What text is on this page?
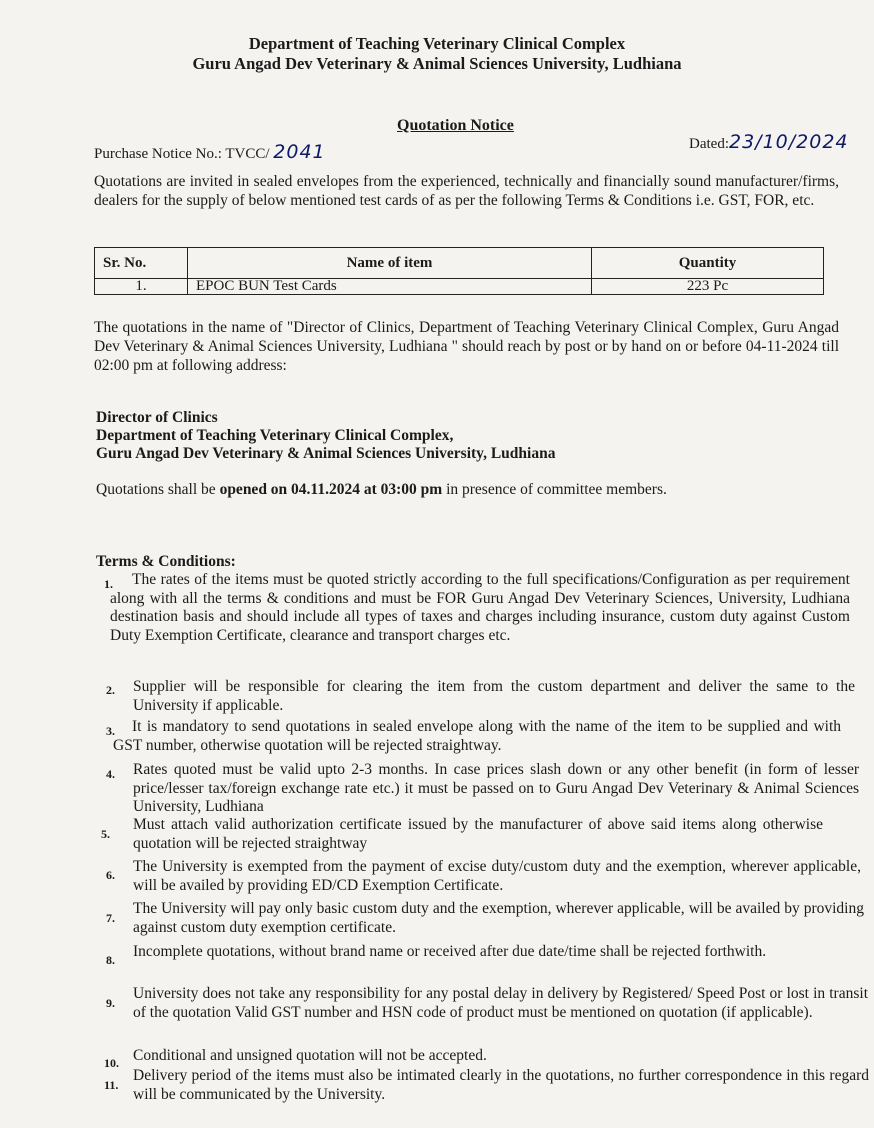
Department of Teaching Veterinary Clinical Complex
Guru Angad Dev Veterinary & Animal Sciences University, Ludhiana
Quotation Notice
Purchase Notice No.: TVCC/ 2041	Dated:23/10/2024
Quotations are invited in sealed envelopes from the experienced, technically and financially sound manufacturer/firms, dealers for the supply of below mentioned test cards of as per the following Terms & Conditions i.e. GST, FOR, etc.
Sr. No.	Name of item	Quantity
1.	EPOC BUN Test Cards	223 Pc
The quotations in the name of "Director of Clinics, Department of Teaching Veterinary Clinical Complex, Guru Angad Dev Veterinary & Animal Sciences University, Ludhiana " should reach by post or by hand on or before 04-11-2024 till 02:00 pm at following address:
Director of Clinics
Department of Teaching Veterinary Clinical Complex,
Guru Angad Dev Veterinary & Animal Sciences University, Ludhiana
Quotations shall be opened on 04.11.2024 at 03:00 pm in presence of committee members.
Terms & Conditions:
1.	The rates of the items must be quoted strictly according to the full specifications/Configuration as per requirement along with all the terms & conditions and must be FOR Guru Angad Dev Veterinary Sciences, University, Ludhiana destination basis and should include all types of taxes and charges including insurance, custom duty against Custom Duty Exemption Certificate, clearance and transport charges etc.
2. Supplier will be responsible for clearing the item from the custom department and deliver the same to the University if applicable.
3.	It is mandatory to send quotations in sealed envelope along with the name of the item to be supplied and with GST number, otherwise quotation will be rejected straightway.
4. Rates quoted must be valid upto 2-3 months. In case prices slash down or any other benefit (in form of lesser price/lesser tax/foreign exchange rate etc.) it must be passed on to Guru Angad Dev Veterinary & Animal Sciences University, Ludhiana
5.
Must attach valid authorization certificate issued by the manufacturer of above said items along otherwise quotation will be rejected straightway
6. The University is exempted from the payment of excise duty/custom duty and the exemption, wherever applicable, will be availed by providing ED/CD Exemption Certificate.
7.
The University will pay only basic custom duty and the exemption, wherever applicable, will be availed by providing against custom duty exemption certificate.
8. Incomplete quotations, without brand name or received after due date/time shall be rejected forthwith.
9.
University does not take any responsibility for any postal delay in delivery by Registered/ Speed Post or lost in transit of the quotation Valid GST number and HSN code of product must be mentioned on quotation (if applicable).
10. Conditional and unsigned quotation will not be accepted.
11.
Delivery period of the items must also be intimated clearly in the quotations, no further correspondence in this regard will be communicated by the University.
